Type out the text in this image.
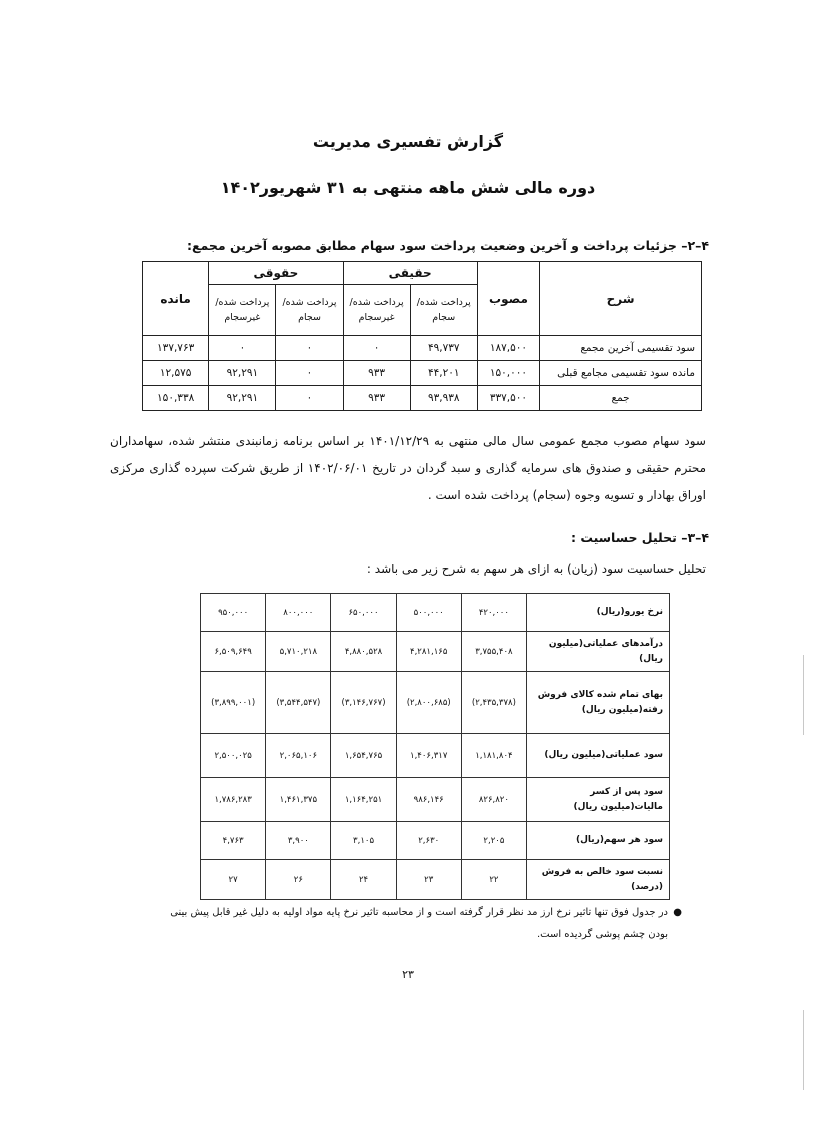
گزارش تفسیری مدیریت
دوره مالی شش ماهه منتهی به ۳۱ شهریور۱۴۰۲
۴–۲– جزئیات پرداخت و آخرین وضعیت پرداخت سود سهام مطابق مصوبه آخرین مجمع:
شرح	مصوب	حقیقی		حقوقی		مانده
		پرداخت شده/سجام	پرداخت شده/غیرسجام	پرداخت شده/سجام	پرداخت شده/غیرسجام	
سود تقسیمی آخرین مجمع	۱۸۷,۵۰۰	۴۹,۷۳۷	۰	۰	۰	۱۳۷,۷۶۳
مانده سود تقسیمی مجامع قبلی	۱۵۰,۰۰۰	۴۴,۲۰۱	۹۳۳	۰	۹۲,۲۹۱	۱۲,۵۷۵
جمع	۳۳۷,۵۰۰	۹۳,۹۳۸	۹۳۳	۰	۹۲,۲۹۱	۱۵۰,۳۳۸
سود سهام مصوب مجمع عمومی سال مالی منتهی به ۱۴۰۱/۱۲/۲۹ بر اساس برنامه زمانبندی منتشر شده، سهامداران محترم حقیقی و صندوق های سرمایه گذاری و سبد گردان در تاریخ ۱۴۰۲/۰۶/۰۱ از طریق شرکت سپرده گذاری مرکزی اوراق بهادار و تسویه وجوه (سجام) پرداخت شده است .
۴–۳– تحلیل حساسیت :
تحلیل حساسیت سود (زیان) به ازای هر سهم به شرح زیر می باشد :
نرخ یورو(ریال)	۴۲۰,۰۰۰	۵۰۰,۰۰۰	۶۵۰,۰۰۰	۸۰۰,۰۰۰	۹۵۰,۰۰۰
درآمدهای عملیاتی(میلیون ریال)	۳,۷۵۵,۴۰۸	۴,۲۸۱,۱۶۵	۴,۸۸۰,۵۲۸	۵,۷۱۰,۲۱۸	۶,۵۰۹,۶۴۹
بهای تمام شده کالای فروش رفته(میلیون ریال)	(۲,۴۳۵,۳۷۸)	(۲,۸۰۰,۶۸۵)	(۳,۱۴۶,۷۶۷)	(۳,۵۴۴,۵۴۷)	(۳,۸۹۹,۰۰۱)
سود عملیاتی(میلیون ریال)	۱,۱۸۱,۸۰۴	۱,۴۰۶,۳۱۷	۱,۶۵۴,۷۶۵	۲,۰۶۵,۱۰۶	۲,۵۰۰,۰۲۵
سود پس از کسر مالیات(میلیون ریال)	۸۲۶,۸۲۰	۹۸۶,۱۴۶	۱,۱۶۴,۲۵۱	۱,۴۶۱,۳۷۵	۱,۷۸۶,۲۸۳
سود هر سهم(ریال)	۲,۲۰۵	۲,۶۳۰	۳,۱۰۵	۳,۹۰۰	۴,۷۶۳
نسبت سود خالص به فروش (درصد)	۲۲	۲۳	۲۴	۲۶	۲۷
●
در جدول فوق تنها تاثیر نرخ ارز مد نظر قرار گرفته است و از محاسبه تاثیر نرخ پایه مواد اولیه به دلیل غیر قابل پیش بینی بودن چشم پوشی گردیده است.
۲۳
